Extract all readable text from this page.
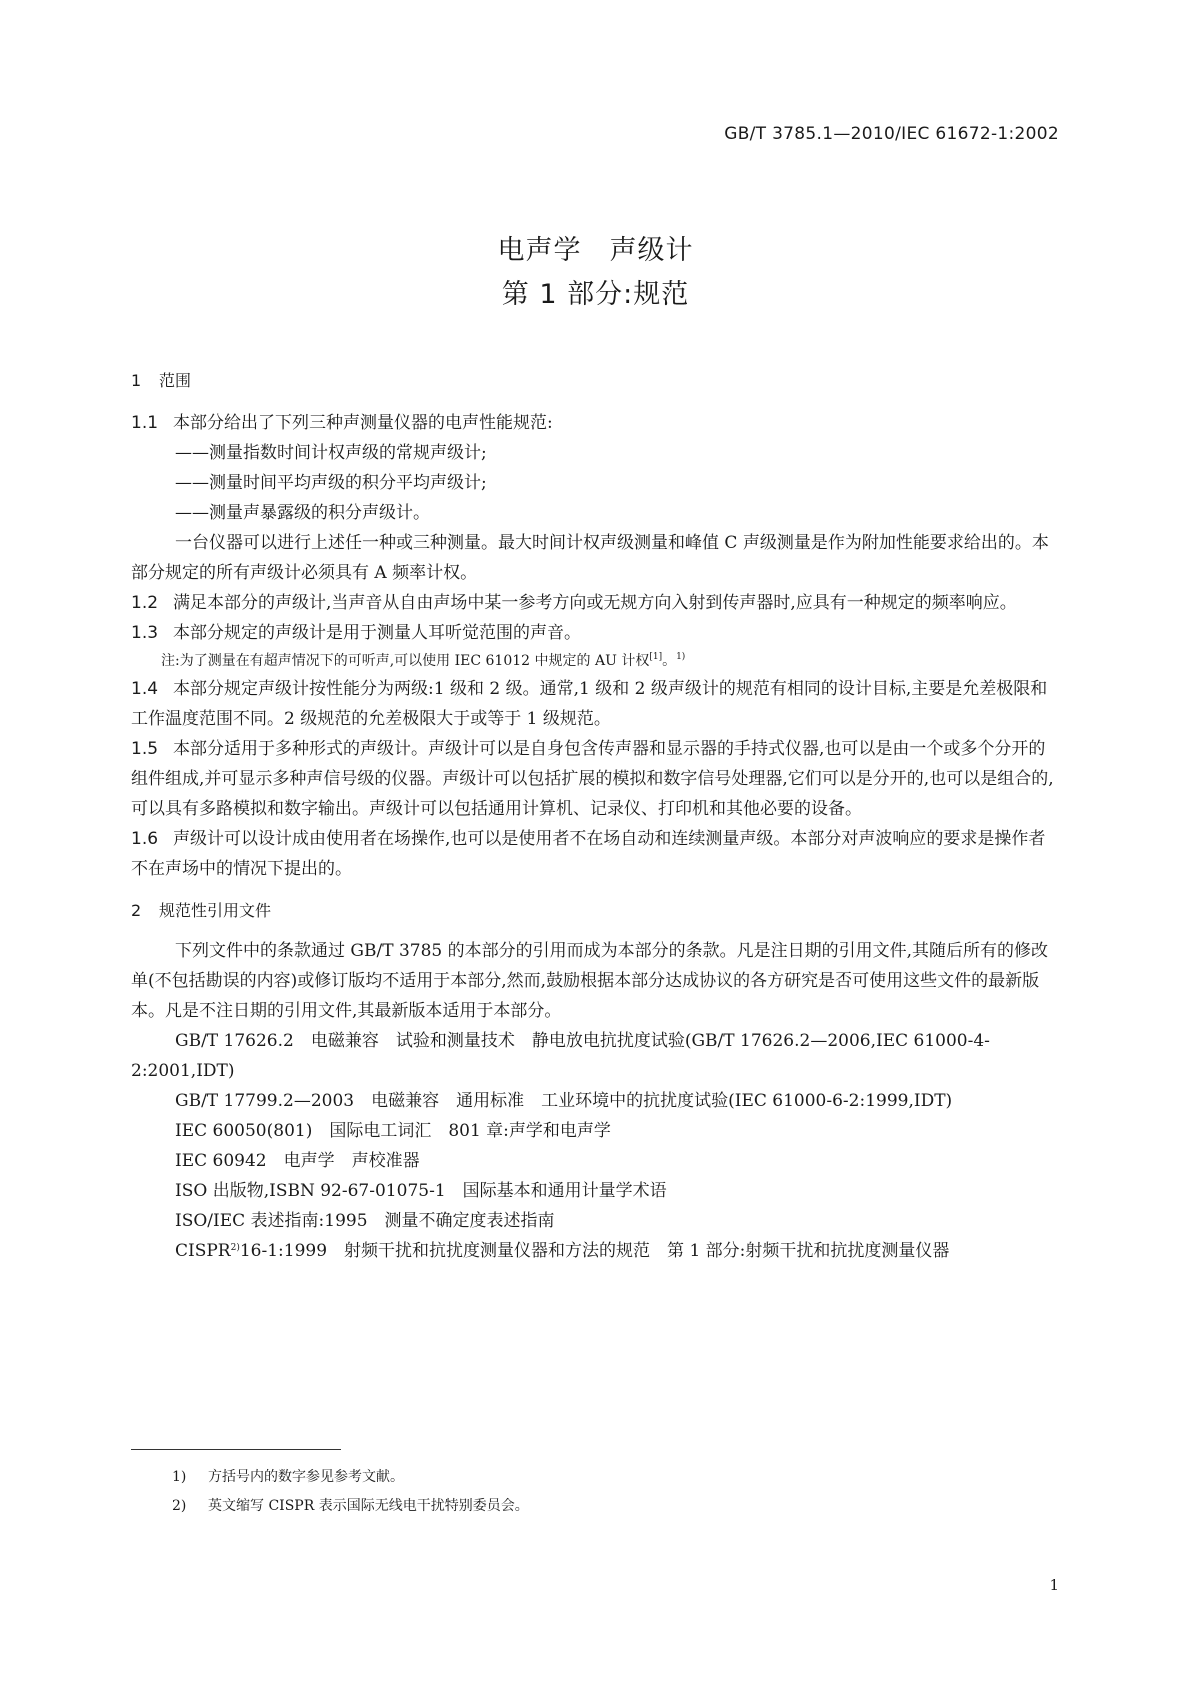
GB/T 3785.1—2010/IEC 61672-1:2002
电声学　声级计
第 1 部分:规范

1 范围

1.1 本部分给出了下列三种声测量仪器的电声性能规范:

——测量指数时间计权声级的常规声级计;

——测量时间平均声级的积分平均声级计;

——测量声暴露级的积分声级计。

一台仪器可以进行上述任一种或三种测量。最大时间计权声级测量和峰值 C 声级测量是作为附加性能要求给出的。本部分规定的所有声级计必须具有 A 频率计权。

1.2 满足本部分的声级计,当声音从自由声场中某一参考方向或无规方向入射到传声器时,应具有一种规定的频率响应。

1.3 本部分规定的声级计是用于测量人耳听觉范围的声音。

注:为了测量在有超声情况下的可听声,可以使用 IEC 61012 中规定的 AU 计权[1]。$^{1)}$

1.4 本部分规定声级计按性能分为两级:1 级和 2 级。通常,1 级和 2 级声级计的规范有相同的设计目标,主要是允差极限和工作温度范围不同。2 级规范的允差极限大于或等于 1 级规范。

1.5 本部分适用于多种形式的声级计。声级计可以是自身包含传声器和显示器的手持式仪器,也可以是由一个或多个分开的组件组成,并可显示多种声信号级的仪器。声级计可以包括扩展的模拟和数字信号处理器,它们可以是分开的,也可以是组合的,可以具有多路模拟和数字输出。声级计可以包括通用计算机、记录仪、打印机和其他必要的设备。

1.6 声级计可以设计成由使用者在场操作,也可以是使用者不在场自动和连续测量声级。本部分对声波响应的要求是操作者不在声场中的情况下提出的。

2 规范性引用文件

下列文件中的条款通过 GB/T 3785 的本部分的引用而成为本部分的条款。凡是注日期的引用文件,其随后所有的修改单(不包括勘误的内容)或修订版均不适用于本部分,然而,鼓励根据本部分达成协议的各方研究是否可使用这些文件的最新版本。凡是不注日期的引用文件,其最新版本适用于本部分。

GB/T 17626.2　电磁兼容　试验和测量技术　静电放电抗扰度试验(GB/T 17626.2—2006,IEC 61000-4-2:2001,IDT)

GB/T 17799.2—2003　电磁兼容　通用标准　工业环境中的抗扰度试验(IEC 61000-6-2:1999,IDT)

IEC 60050(801)　国际电工词汇　801 章:声学和电声学

IEC 60942　电声学　声校准器

ISO 出版物,ISBN 92-67-01075-1　国际基本和通用计量学术语

ISO/IEC 表述指南:1995　测量不确定度表述指南

CISPR$^{2)}$16-1:1999　射频干扰和抗扰度测量仪器和方法的规范　第 1 部分:射频干扰和抗扰度测量仪器

1) 方括号内的数字参见参考文献。

2) 英文缩写 CISPR 表示国际无线电干扰特别委员会。

1
